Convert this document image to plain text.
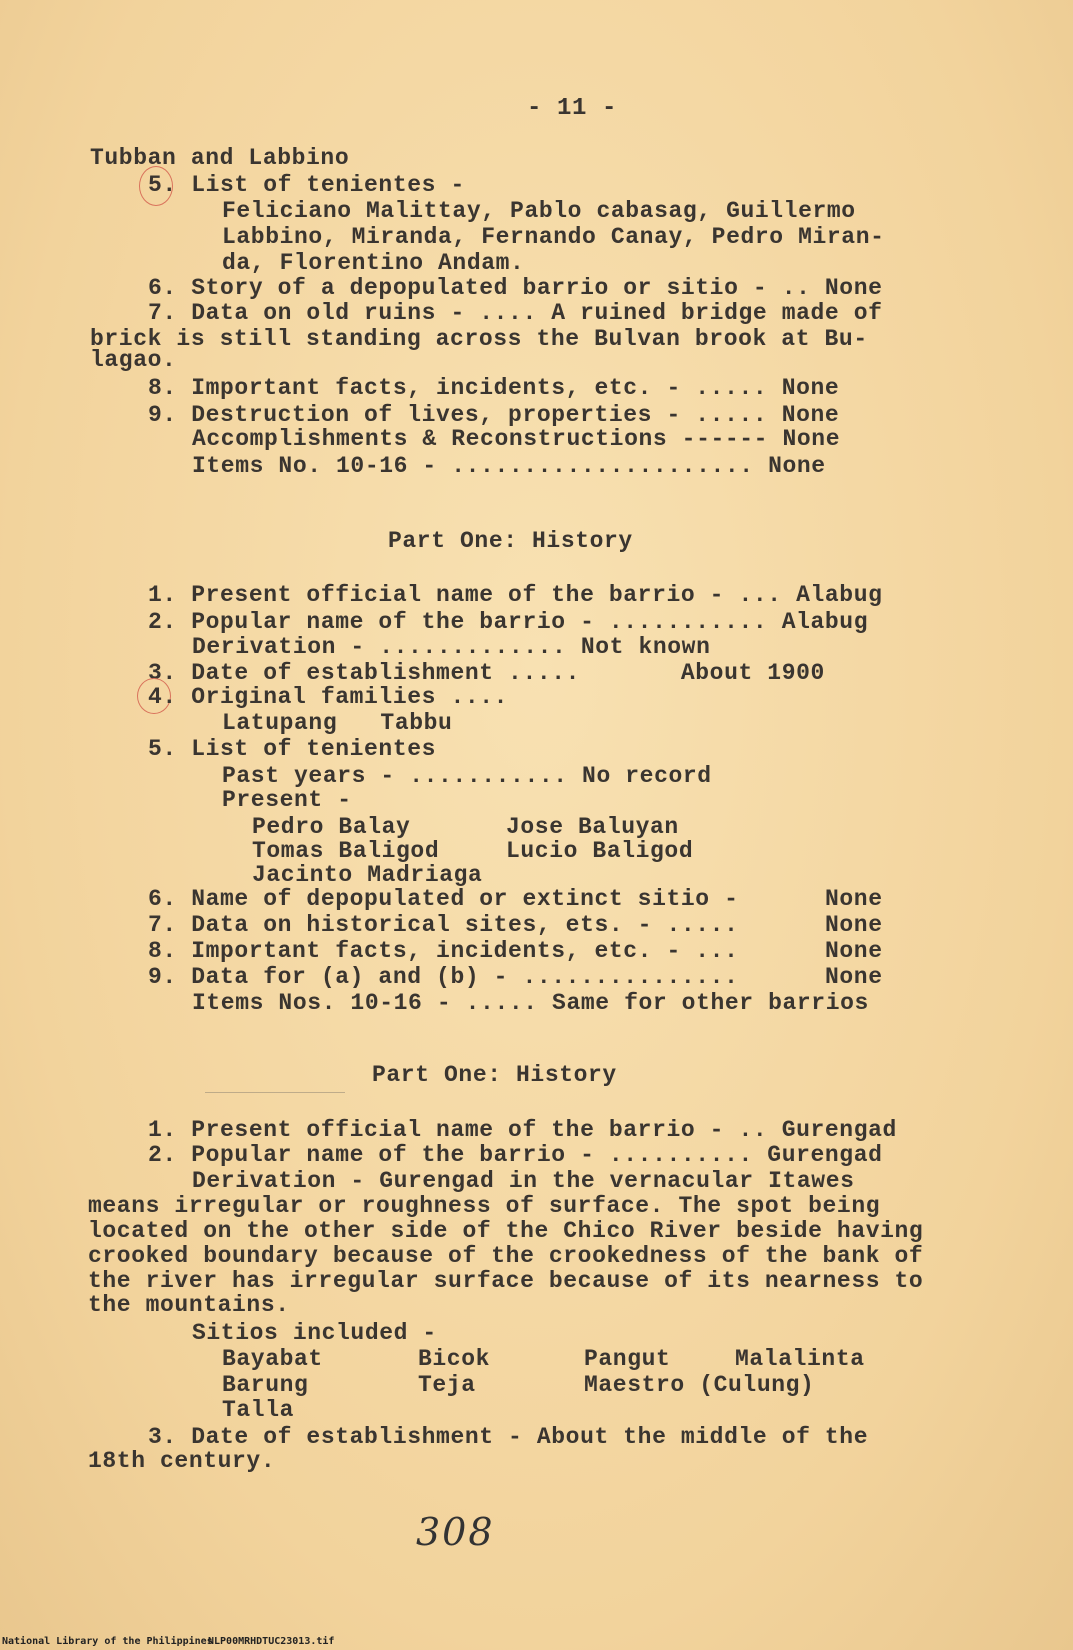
- 11 -
Tubban and Labbino
5. List of tenientes -
Feliciano Malittay, Pablo cabasag, Guillermo
Labbino, Miranda, Fernando Canay, Pedro Miran-
da, Florentino Andam.
6. Story of a depopulated barrio or sitio - .. None
7. Data on old ruins - .... A ruined bridge made of
brick is still standing across the Bulvan brook at Bu-
lagao.
8. Important facts, incidents, etc. - ..... None
9. Destruction of lives, properties - ..... None
Accomplishments & Reconstructions ------ None
Items No. 10-16 - ..................... None
Part One: History
1. Present official name of the barrio - ... Alabug
2. Popular name of the barrio - ........... Alabug
Derivation - ............. Not known
3. Date of establishment .....       About 1900
4. Original families ....
Latupang   Tabbu
5. List of tenientes
Past years - ........... No record
Present -
Pedro Balay	Jose Baluyan
Tomas Baligod	Lucio Baligod
Jacinto Madriaga
6. Name of depopulated or extinct sitio -	None
7. Data on historical sites, ets. - .....	None
8. Important facts, incidents, etc. - ...	None
9. Data for (a) and (b) - ...............	None
Items Nos. 10-16 - ..... Same for other barrios
Part One: History
1. Present official name of the barrio - .. Gurengad
2. Popular name of the barrio - .......... Gurengad
Derivation - Gurengad in the vernacular Itawes
means irregular or roughness of surface. The spot being
located on the other side of the Chico River beside having
crooked boundary because of the crookedness of the bank of
the river has irregular surface because of its nearness to
the mountains.
Sitios included -
Bayabat	Bicok	Pangut	Malalinta
Barung	Teja	Maestro (Culung)
Talla
3. Date of establishment - About the middle of the
18th century.
308
National Library of the Philippines
NLP00MRHDTUC23013.tif
